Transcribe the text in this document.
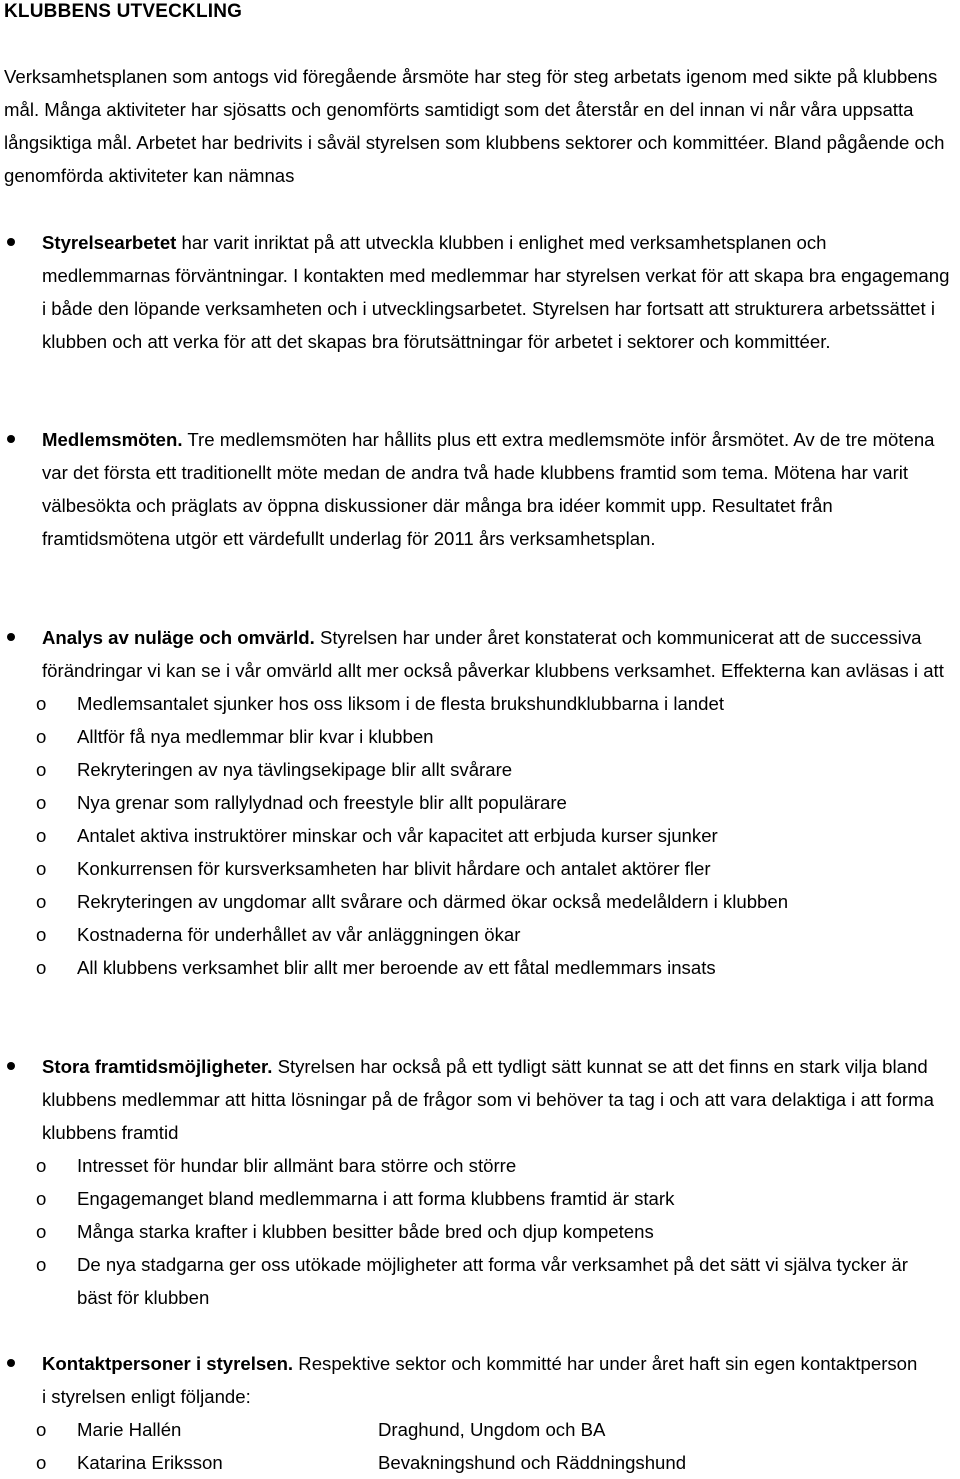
KLUBBENS UTVECKLING

Verksamhetsplanen som antogs vid föregående årsmöte har steg för steg arbetats igenom med sikte på klubbens mål. Många aktiviteter har sjösatts och genomförts samtidigt som det återstår en del innan vi når våra uppsatta långsiktiga mål. Arbetet har bedrivits i såväl styrelsen som klubbens sektorer och kommittéer. Bland pågående och genomförda aktiviteter kan nämnas

Styrelsearbetet har varit inriktat på att utveckla klubben i enlighet med verksamhetsplanen och medlemmarnas förväntningar. I kontakten med medlemmar har styrelsen verkat för att skapa bra engagemang i både den löpande verksamheten och i utvecklingsarbetet. Styrelsen har fortsatt att strukturera arbetssättet i klubben och att verka för att det skapas bra förutsättningar för arbetet i sektorer och kommittéer.

Medlemsmöten. Tre medlemsmöten har hållits plus ett extra medlemsmöte inför årsmötet. Av de tre mötena var det första ett traditionellt möte medan de andra två hade klubbens framtid som tema. Mötena har varit välbesökta och präglats av öppna diskussioner där många bra idéer kommit upp. Resultatet från framtidsmötena utgör ett värdefullt underlag för 2011 års verksamhetsplan.

Analys av nuläge och omvärld. Styrelsen har under året konstaterat och kommunicerat att de successiva förändringar vi kan se i vår omvärld allt mer också påverkar klubbens verksamhet. Effekterna kan avläsas i att

o Medlemsantalet sjunker hos oss liksom i de flesta brukshundklubbarna i landet
o Alltför få nya medlemmar blir kvar i klubben
o Rekryteringen av nya tävlingsekipage blir allt svårare
o Nya grenar som rallylydnad och freestyle blir allt populärare
o Antalet aktiva instruktörer minskar och vår kapacitet att erbjuda kurser sjunker
o Konkurrensen för kursverksamheten har blivit hårdare och antalet aktörer fler
o Rekryteringen av ungdomar allt svårare och därmed ökar också medelåldern i klubben
o Kostnaderna för underhållet av vår anläggningen ökar
o All klubbens verksamhet blir allt mer beroende av ett fåtal medlemmars insats

Stora framtidsmöjligheter. Styrelsen har också på ett tydligt sätt kunnat se att det finns en stark vilja bland klubbens medlemmar att hitta lösningar på de frågor som vi behöver ta tag i och att vara delaktiga i att forma klubbens framtid

o Intresset för hundar blir allmänt bara större och större
o Engagemanget bland medlemmarna i att forma klubbens framtid är stark
o Många starka krafter i klubben besitter både bred och djup kompetens
o De nya stadgarna ger oss utökade möjligheter att forma vår verksamhet på det sätt vi själva tycker är bäst för klubben

Kontaktpersoner i styrelsen. Respektive sektor och kommitté har under året haft sin egen kontaktperson i styrelsen enligt följande:

o Marie Hallén	Draghund, Ungdom och BA
o Katarina Eriksson	Bevakningshund och Räddningshund
